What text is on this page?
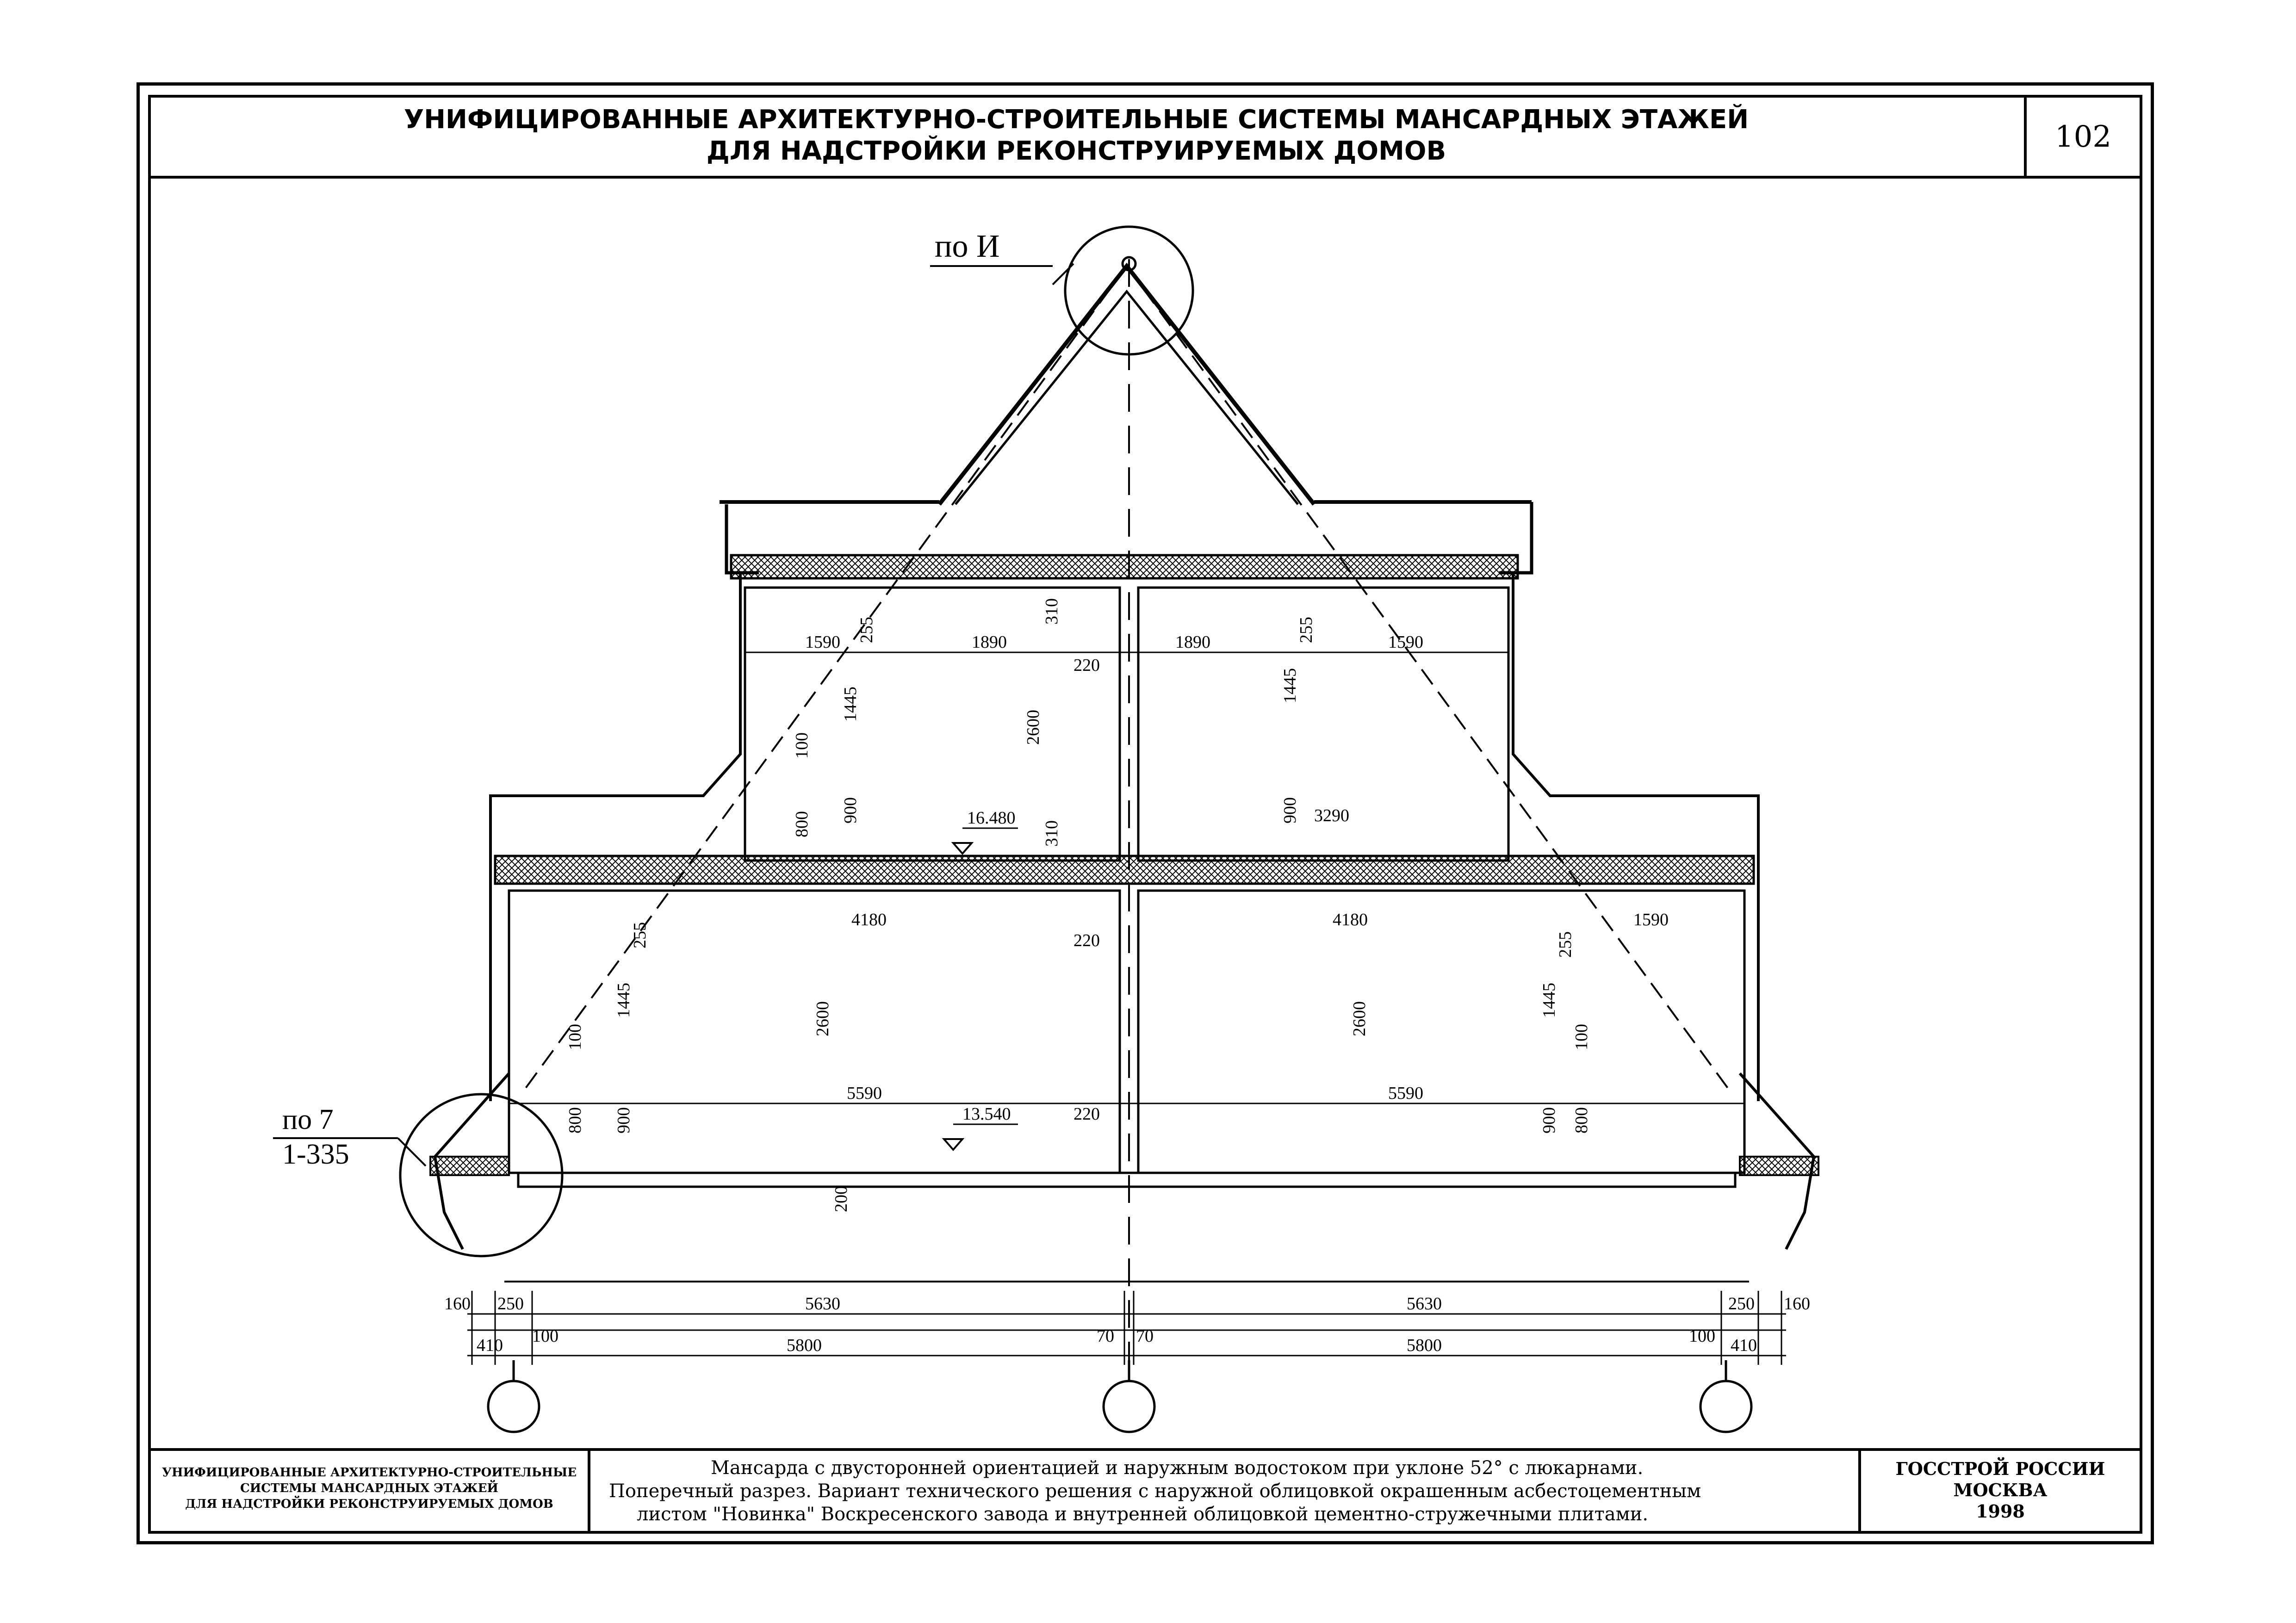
УНИФИЦИРОВАННЫЕ АРХИТЕКТУРНО-СТРОИТЕЛЬНЫЕ СИСТЕМЫ МАНСАРДНЫХ ЭТАЖЕЙ
ДЛЯ НАДСТРОЙКИ РЕКОНСТРУИРУЕМЫХ ДОМОВ	102
по И
по 7
1-335
16.480
13.540
1590	1890	1890	1590
220
3290
310
255	255
1445
1445
2600
100
800
900	900
310
4180	4180	1590
220
5590	5590
220
255	255
1445	1445
2600	2600
100	100
800	800
900	900
200
160 250	5630	5630	250 160
100	70 70	100
410	5800	5800	410
УНИФИЦИРОВАННЫЕ АРХИТЕКТУРНО-СТРОИТЕЛЬНЫЕ
СИСТЕМЫ МАНСАРДНЫХ ЭТАЖЕЙ
ДЛЯ НАДСТРОЙКИ РЕКОНСТРУИРУЕМЫХ ДОМОВ
Мансарда с двусторонней ориентацией и наружным водостоком при уклоне 52° с люкарнами.
Поперечный разрез. Вариант технического решения с наружной облицовкой окрашенным асбестоцементным
листом "Новинка" Воскресенского завода и внутренней облицовкой цементно-стружечными плитами.
ГОССТРОЙ РОССИИ
МОСКВА
1998
